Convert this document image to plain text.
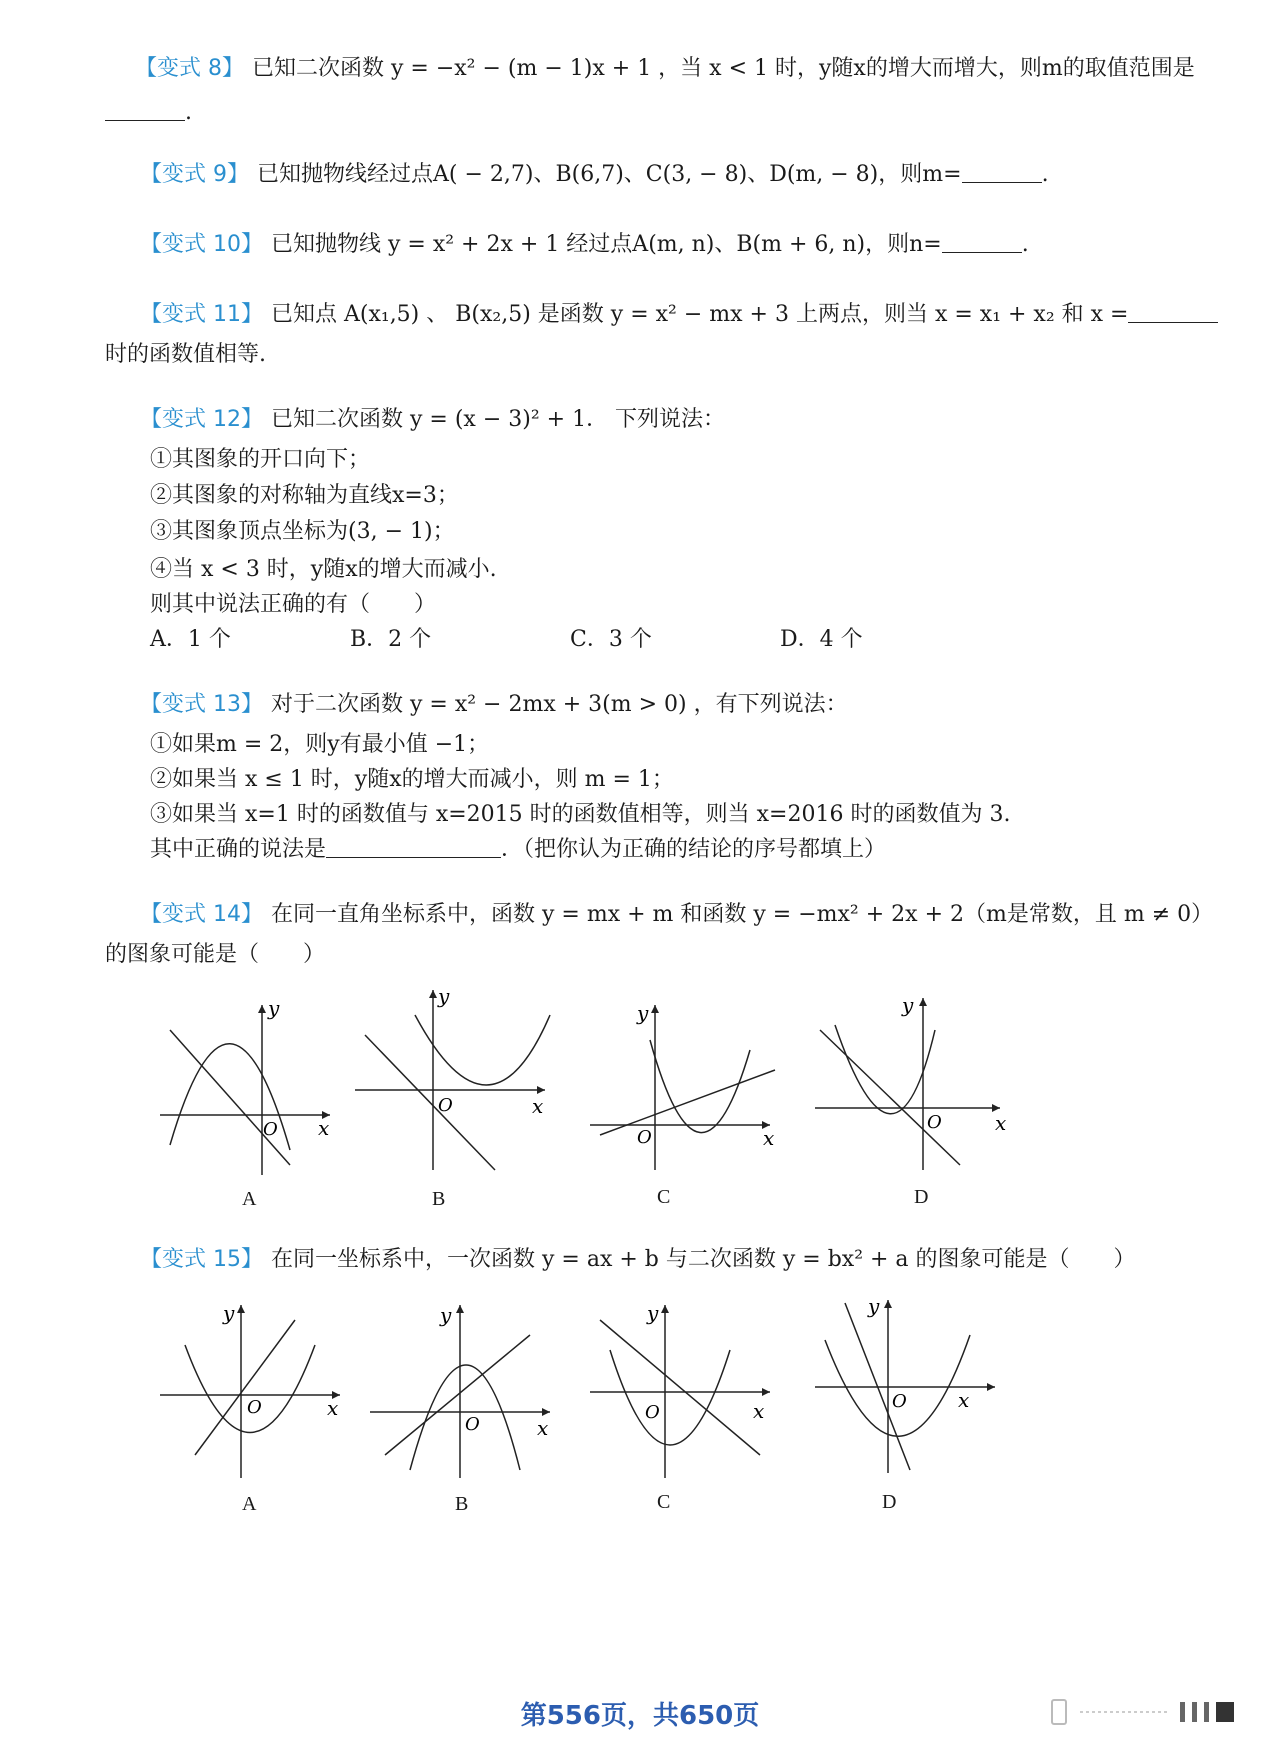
【变式 8】 已知二次函数 y = −x² − (m − 1)x + 1 ，当 x < 1 时，y随x的增大而增大，则m的取值范围是
.
【变式 9】 已知抛物线经过点A( − 2,7)、B(6,7)、C(3, − 8)、D(m, − 8)，则m=	.
【变式 10】 已知抛物线 y = x² + 2x + 1 经过点A(m, n)、B(m + 6, n)，则n=	.
【变式 11】 已知点 A(x₁,5) 、 B(x₂,5) 是函数 y = x² − mx + 3 上两点，则当 x = x₁ + x₂ 和 x =
时的函数值相等.
【变式 12】 已知二次函数 y = (x − 3)² + 1． 下列说法：
①其图象的开口向下；
②其图象的对称轴为直线x=3；
③其图象顶点坐标为(3, − 1)；
④当 x < 3 时，y随x的增大而减小.
则其中说法正确的有（　　）
A．1 个	B．2 个	C．3 个	D．4 个
【变式 13】 对于二次函数 y = x² − 2mx + 3(m > 0) ，有下列说法：
①如果m = 2，则y有最小值 −1；
②如果当 x ≤ 1 时，y随x的增大而减小，则 m = 1；
③如果当 x=1 时的函数值与 x=2015 时的函数值相等，则当 x=2016 时的函数值为 3.
其中正确的说法是	．（把你认为正确的结论的序号都填上）
【变式 14】 在同一直角坐标系中，函数 y = mx + m 和函数 y = −mx² + 2x + 2（m是常数，且 m ≠ 0）
的图象可能是（　　）
y
x
O
A
y
x
O
B
y
x
O
C
y
x
O
D
【变式 15】 在同一坐标系中，一次函数 y = ax + b 与二次函数 y = bx² + a 的图象可能是（　　）
y
x
O
A
y
x
O
B
y
x
O
C
y
x
O
D
第556页，共650页
